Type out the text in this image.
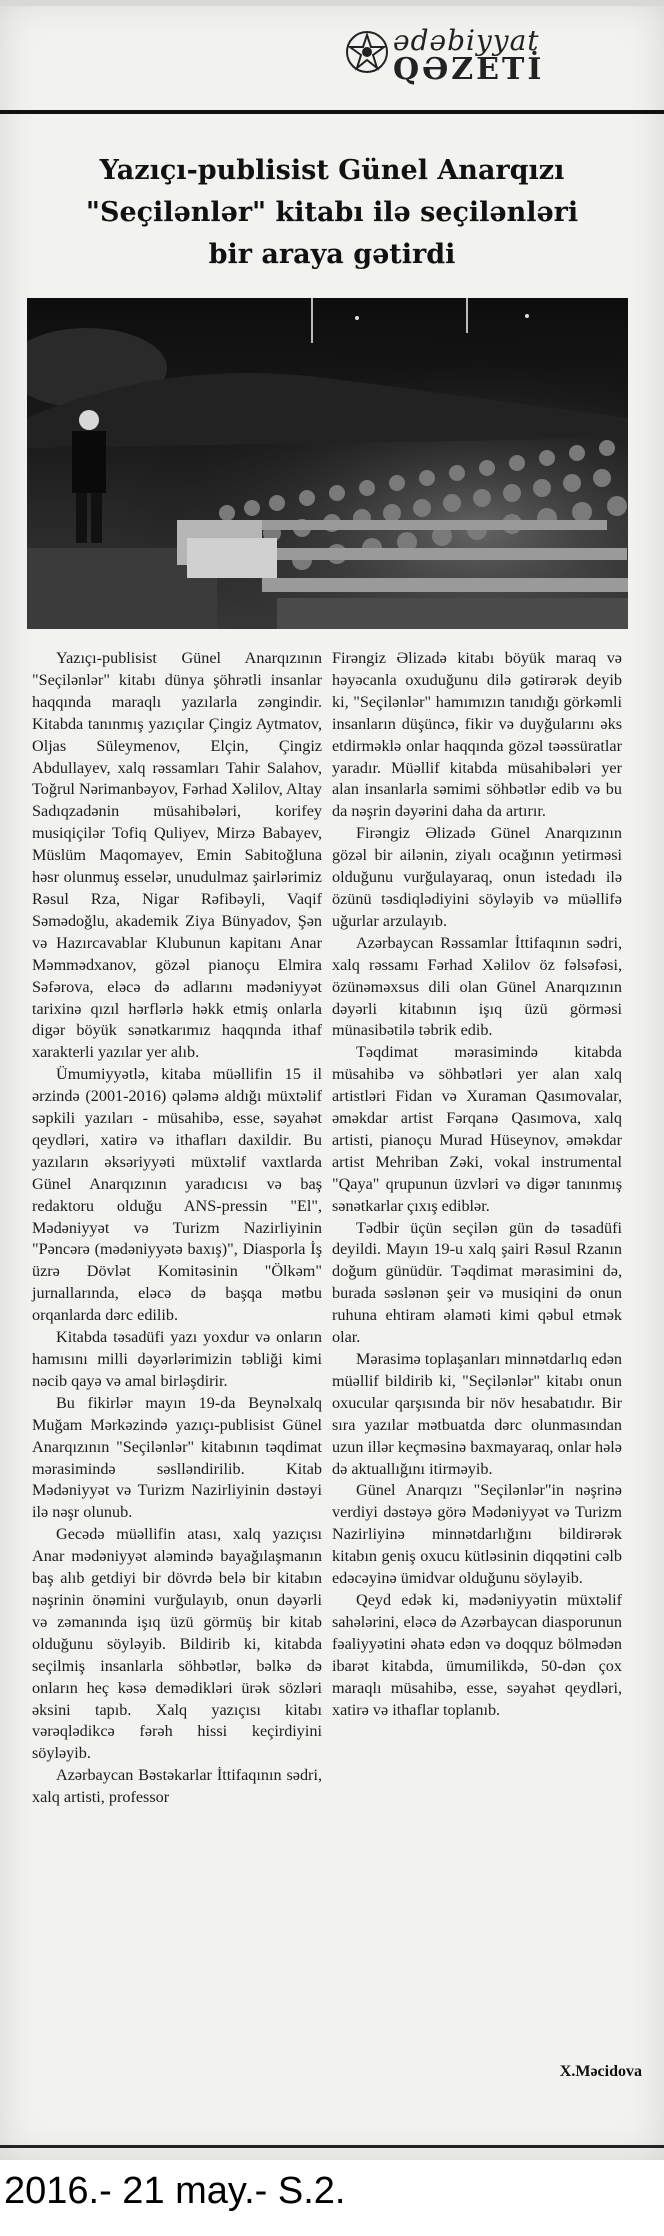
ədəbiyyat
QƏZETİ
Yazıçı-publisist Günel Anarqızı
"Seçilənlər" kitabı ilə seçilənləri
bir araya gətirdi

Yazıçı-publisist Günel Anarqızının "Seçilənlər" kitabı dünya şöhrətli insanlar haqqında maraqlı yazılarla zəngindir. Kitabda tanınmış yazıçılar Çingiz Aytmatov, Oljas Süleymenov, Elçin, Çingiz Abdullayev, xalq rəssamları Tahir Salahov, Toğrul Nərimanbəyov, Fərhad Xəlilov, Altay Sadıqzadənin müsahibələri, korifey musiqiçilər Tofiq Quliyev, Mirzə Babayev, Müslüm Maqomayev, Emin Sabitoğluna həsr olunmuş esselər, unudulmaz şairlərimiz Rəsul Rza, Nigar Rəfibəyli, Vaqif Səmədoğlu, akademik Ziya Bünyadov, Şən və Hazırcavablar Klubunun kapitanı Anar Məmmədxanov, gözəl pianoçu Elmira Səfərova, eləcə də adlarını mədəniyyət tarixinə qızıl hərflərlə həkk etmiş onlarla digər böyük sənətkarımız haqqında ithaf xarakterli yazılar yer alıb.

Ümumiyyətlə, kitaba müəllifin 15 il ərzində (2001-2016) qələmə aldığı müxtəlif səpkili yazıları - müsahibə, esse, səyahət qeydləri, xatirə və ithafları daxildir. Bu yazıların əksəriyyəti müxtəlif vaxtlarda Günel Anarqızının yaradıcısı və baş redaktoru olduğu ANS-pressin "El", Mədəniyyət və Turizm Nazirliyinin "Pəncərə (mədəniyyətə baxış)", Diasporla İş üzrə Dövlət Komitəsinin "Ölkəm" jurnallarında, eləcə də başqa mətbu orqanlarda dərc edilib.

Kitabda təsadüfi yazı yoxdur və onların hamısını milli dəyərlərimizin təbliği kimi nəcib qayə və amal birləşdirir.

Bu fikirlər mayın 19-da Beynəlxalq Muğam Mərkəzində yazıçı-publisist Günel Anarqızının "Seçilənlər" kitabının təqdimat mərasimində səslləndirilib. Kitab Mədəniyyət və Turizm Nazirliyinin dəstəyi ilə nəşr olunub.

Gecədə müəllifin atası, xalq yazıçısı Anar mədəniyyət aləmində bayağılaşmanın baş alıb getdiyi bir dövrdə belə bir kitabın nəşrinin önəmini vurğulayıb, onun dəyərli və zəmanında işıq üzü görmüş bir kitab olduğunu söyləyib. Bildirib ki, kitabda seçilmiş insanlarla söhbətlər, bəlkə də onların heç kəsə demədikləri ürək sözləri əksini tapıb. Xalq yazıçısı kitabı vərəqlədikcə fərəh hissi keçirdiyini söyləyib.

Azərbaycan Bəstəkarlar İttifaqının sədri, xalq artisti, professor

Firəngiz Əlizadə kitabı böyük maraq və həyəcanla oxuduğunu dilə gətirərək deyib ki, "Seçilənlər" hamımızın tanıdığı görkəmli insanların düşüncə, fikir və duyğularını əks etdirməklə onlar haqqında gözəl təəssüratlar yaradır. Müəllif kitabda müsahibələri yer alan insanlarla səmimi söhbətlər edib və bu da nəşrin dəyərini daha da artırır.

Firəngiz Əlizadə Günel Anarqızının gözəl bir ailənin, ziyalı ocağının yetirməsi olduğunu vurğulayaraq, onun istedadı ilə özünü təsdiqlədiyini söyləyib və müəllifə uğurlar arzulayıb.

Azərbaycan Rəssamlar İttifaqının sədri, xalq rəssamı Fərhad Xəlilov öz fəlsəfəsi, özünəməxsus dili olan Günel Anarqızının dəyərli kitabının işıq üzü görməsi münasibətilə təbrik edib.

Təqdimat mərasimində kitabda müsahibə və söhbətləri yer alan xalq artistləri Fidan və Xuraman Qasımovalar, əməkdar artist Fərqanə Qasımova, xalq artisti, pianoçu Murad Hüseynov, əməkdar artist Mehriban Zəki, vokal instrumental "Qaya" qrupunun üzvləri və digər tanınmış sənətkarlar çıxış ediblər.

Tədbir üçün seçilən gün də təsadüfi deyildi. Mayın 19-u xalq şairi Rəsul Rzanın doğum günüdür. Təqdimat mərasimini də, burada səslənən şeir və musiqini də onun ruhuna ehtiram əlaməti kimi qəbul etmək olar.

Mərasimə toplaşanları minnətdarlıq edən müəllif bildirib ki, "Seçilənlər" kitabı onun oxucular qarşısında bir növ hesabatıdır. Bir sıra yazılar mətbuatda dərc olunmasından uzun illər keçməsinə baxmayaraq, onlar hələ də aktuallığını itirməyib.

Günel Anarqızı "Seçilənlər"in nəşrinə verdiyi dəstəyə görə Mədəniyyət və Turizm Nazirliyinə minnətdarlığını bildirərək kitabın geniş oxucu kütləsinin diqqətini cəlb edəcəyinə ümidvar olduğunu söyləyib.

Qeyd edək ki, mədəniyyətin müxtəlif sahələrini, eləcə də Azərbaycan diasporunun fəaliyyətini əhatə edən və doqquz bölmədən ibarət kitabda, ümumilikdə, 50-dən çox maraqlı müsahibə, esse, səyahət qeydləri, xatirə və ithaflar toplanıb.

X.Məcidova
2016.- 21 may.- S.2.
